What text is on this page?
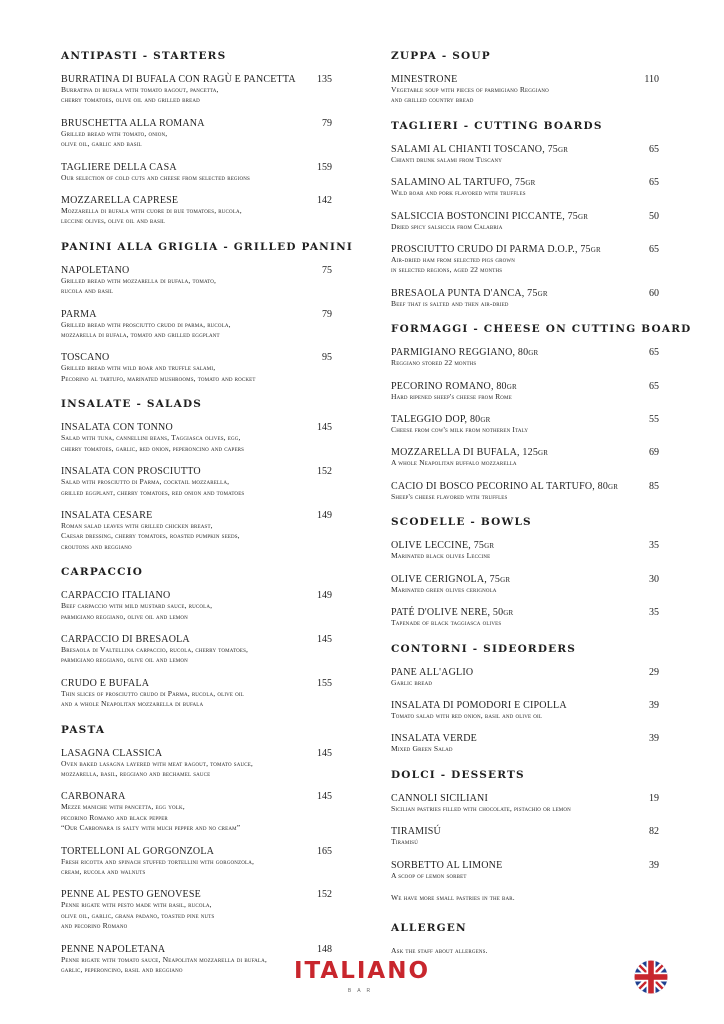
ANTIPASTI - STARTERS
BURRATINA DI BUFALA CON RAGÙ E PANCETTA	135
Burratina di bufala with tomato ragout, pancetta,
cherry tomatoes, olive oil and grilled bread
BRUSCHETTA ALLA ROMANA	79
Grilled bread with tomato, onion,
olive oil, garlic and basil
TAGLIERE DELLA CASA	159
Our selection of cold cuts and cheese from selected regions
MOZZARELLA CAPRESE	142
Mozzarella di bufala with cuore di bue tomatoes, rucola,
leccine olives, olive oil and basil
PANINI ALLA GRIGLIA - GRILLED PANINI
NAPOLETANO	75
Grilled bread with mozzarella di bufala, tomato,
rucola and basil
PARMA	79
Grilled bread with prosciutto crudo di parma, rucola,
mozzarella di bufala, tomato and grilled eggplant
TOSCANO	95
Grilled bread with wild boar and truffle salami,
Pecorino al tartufo, marinated mushrooms, tomato and rocket
INSALATE - SALADS
INSALATA CON TONNO	145
Salad with tuna, cannellini beans, Taggiasca olives, egg,
cherry tomatoes, garlic, red onion, peperoncino and capers
INSALATA CON PROSCIUTTO	152
Salad with prosciutto di Parma, cocktail mozzarella,
grilled eggplant, cherry tomatoes, red onion and tomatoes
INSALATA CESARE	149
Roman salad leaves with grilled chicken breast,
Caesar dressing, cherry tomatoes, roasted pumpkin seeds,
croutons and reggiano
CARPACCIO
CARPACCIO ITALIANO	149
Beef carpaccio with mild mustard sauce, rucola,
parmigiano reggiano, olive oil and lemon
CARPACCIO DI BRESAOLA	145
Bresaola di Valtellina carpaccio, rucola, cherry tomatoes,
parmigiano reggiano, olive oil and lemon
CRUDO E BUFALA	155
Thin slices of prosciutto crudo di Parma, rucola, olive oil
and a whole Neapolitan mozzarella di bufala
PASTA
LASAGNA CLASSICA	145
Oven baked lasagna layered with meat ragout, tomato sauce,
mozzarella, basil, reggiano and bechamel sauce
CARBONARA	145
Mezze maniche with pancetta, egg yolk,
pecorino Romano and black pepper
“Our Carbonara is salty with much pepper and no cream”
TORTELLONI AL GORGONZOLA	165
Fresh ricotta and spinach stuffed tortellini with gorgonzola,
cream, rucola and walnuts
PENNE AL PESTO GENOVESE	152
Penne rigate with pesto made with basil, rucola,
olive oil, garlic, grana padano, toasted pine nuts
and pecorino Romano
PENNE NAPOLETANA	148
Penne rigate with tomato sauce, Neapolitan mozzarella di bufala,
garlic, peperoncino, basil and reggiano
ZUPPA - SOUP
MINESTRONE	110
Vegetable soup with pieces of parmigiano Reggiano
and grilled country bread
TAGLIERI - CUTTING BOARDS
SALAMI AL CHIANTI TOSCANO, 75gr	65
Chianti drunk salami from Tuscany
SALAMINO AL TARTUFO, 75gr	65
Wild boar and pork flavored with truffles
SALSICCIA BOSTONCINI PICCANTE, 75gr	50
Dried spicy salsiccia from Calabria
PROSCIUTTO CRUDO DI PARMA D.O.P., 75gr	65
Air-dried ham from selected pigs grown
in selected regions, aged 22 months
BRESAOLA PUNTA D'ANCA, 75gr	60
Beef that is salted and then air-dried
FORMAGGI - CHEESE ON CUTTING BOARD
PARMIGIANO REGGIANO, 80gr	65
Reggiano stored 22 months
PECORINO ROMANO, 80gr	65
Hard ripened sheep's cheese from Rome
TALEGGIO DOP, 80gr	55
Cheese from cow's milk from notheren Italy
MOZZARELLA DI BUFALA, 125gr	69
A whole Neapolitan buffalo mozzarella
CACIO DI BOSCO PECORINO AL TARTUFO, 80gr	85
Sheep's cheese flavored with truffles
SCODELLE - BOWLS
OLIVE LECCINE, 75gr	35
Marinated black olives Leccine
OLIVE CERIGNOLA, 75gr	30
Marinated green olives cerignola
PATÉ D'OLIVE NERE, 50gr	35
Tapenade of black taggiasca olives
CONTORNI - SIDEORDERS
PANE ALL'AGLIO	29
Garlic bread
INSALATA DI POMODORI E CIPOLLA	39
Tomato salad with red onion, basil and olive oil
INSALATA VERDE	39
Mixed Green Salad
DOLCI - DESSERTS
CANNOLI SICILIANI	19
Sicilian pastries filled with chocolate, pistachio or lemon
TIRAMISÚ	82
Tiramisú
SORBETTO AL LIMONE	39
A scoop of lemon sorbet
We have more small pastries in the bar.
ALLERGEN
Ask the staff about allergens.
ITALIANO
BAR
